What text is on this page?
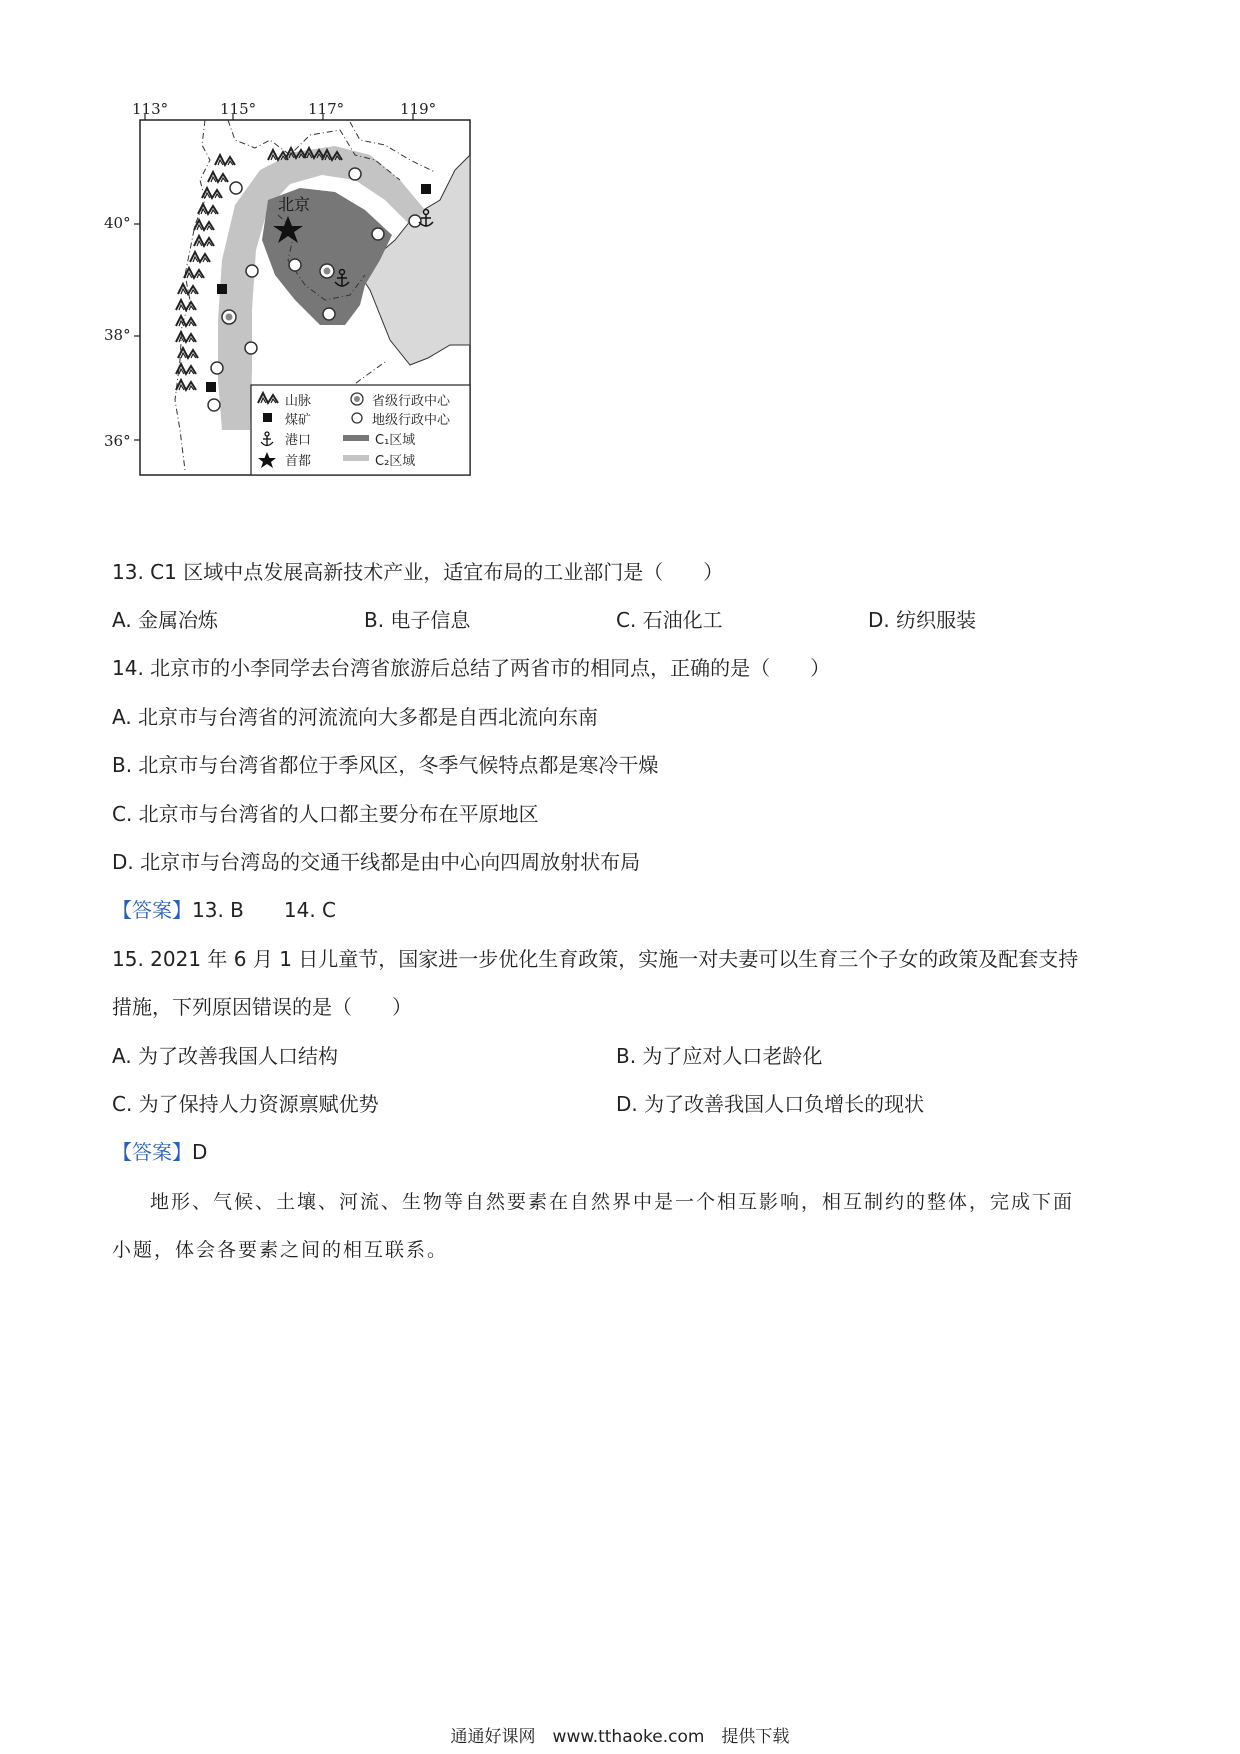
113°	115°	117°	119°
40°
38°
36°
北京
山脉	省级行政中心
煤矿	地级行政中心
港口	C₁区域
首都	C₂区域
13. C1 区域中点发展高新技术产业，适宜布局的工业部门是（　　）
A. 金属冶炼	B. 电子信息	C. 石油化工	D. 纺织服装
14. 北京市的小李同学去台湾省旅游后总结了两省市的相同点，正确的是（　　）
A. 北京市与台湾省的河流流向大多都是自西北流向东南
B. 北京市与台湾省都位于季风区，冬季气候特点都是寒冷干燥
C. 北京市与台湾省的人口都主要分布在平原地区
D. 北京市与台湾岛的交通干线都是由中心向四周放射状布局
【答案】13. B　　14. C
15. 2021 年 6 月 1 日儿童节，国家进一步优化生育政策，实施一对夫妻可以生育三个子女的政策及配套支持
措施，下列原因错误的是（　　）
A. 为了改善我国人口结构	B. 为了应对人口老龄化
C. 为了保持人力资源禀赋优势	D. 为了改善我国人口负增长的现状
【答案】D
地形、气候、土壤、河流、生物等自然要素在自然界中是一个相互影响，相互制约的整体，完成下面
小题，体会各要素之间的相互联系。
通通好课网　www.tthaoke.com　提供下载
